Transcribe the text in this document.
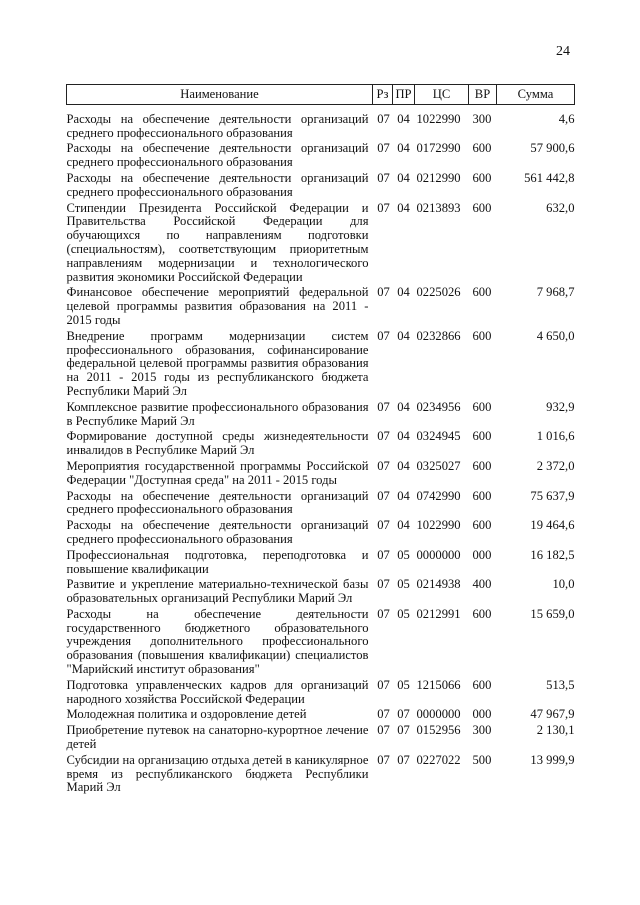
24
Наименование	Рз	ПР	ЦС	ВР	Сумма
Расходы на обеспечение деятельности организаций среднего профессионального образования	07	04	1022990	300	4,6
Расходы на обеспечение деятельности организаций среднего профессионального образования	07	04	0172990	600	57 900,6
Расходы на обеспечение деятельности организаций среднего профессионального образования	07	04	0212990	600	561 442,8
Стипендии Президента Российской Федерации и Правительства Российской Федерации для обучающихся по направлениям подготовки (специальностям), соответствующим приоритетным направлениям модернизации и технологического развития экономики Российской Федерации	07	04	0213893	600	632,0
Финансовое обеспечение мероприятий федеральной целевой программы развития образования на 2011 - 2015 годы	07	04	0225026	600	7 968,7
Внедрение программ модернизации систем профессионального образования, софинансирование федеральной целевой программы развития образования на 2011 - 2015 годы из республиканского бюджета Республики Марий Эл	07	04	0232866	600	4 650,0
Комплексное развитие профессионального образования в Республике Марий Эл	07	04	0234956	600	932,9
Формирование доступной среды жизнедеятельности инвалидов в Республике Марий Эл	07	04	0324945	600	1 016,6
Мероприятия государственной программы Российской Федерации "Доступная среда" на 2011 - 2015 годы	07	04	0325027	600	2 372,0
Расходы на обеспечение деятельности организаций среднего профессионального образования	07	04	0742990	600	75 637,9
Расходы на обеспечение деятельности организаций среднего профессионального образования	07	04	1022990	600	19 464,6
Профессиональная подготовка, переподготовка и повышение квалификации	07	05	0000000	000	16 182,5
Развитие и укрепление материально-технической базы образовательных организаций Республики Марий Эл	07	05	0214938	400	10,0
Расходы на обеспечение деятельности государственного бюджетного образовательного учреждения дополнительного профессионального образования (повышения квалификации) специалистов "Марийский институт образования"	07	05	0212991	600	15 659,0
Подготовка управленческих кадров для организаций народного хозяйства Российской Федерации	07	05	1215066	600	513,5
Молодежная политика и оздоровление детей	07	07	0000000	000	47 967,9
Приобретение путевок на санаторно-курортное лечение детей	07	07	0152956	300	2 130,1
Субсидии на организацию отдыха детей в каникулярное время из республиканского бюджета Республики Марий Эл	07	07	0227022	500	13 999,9
